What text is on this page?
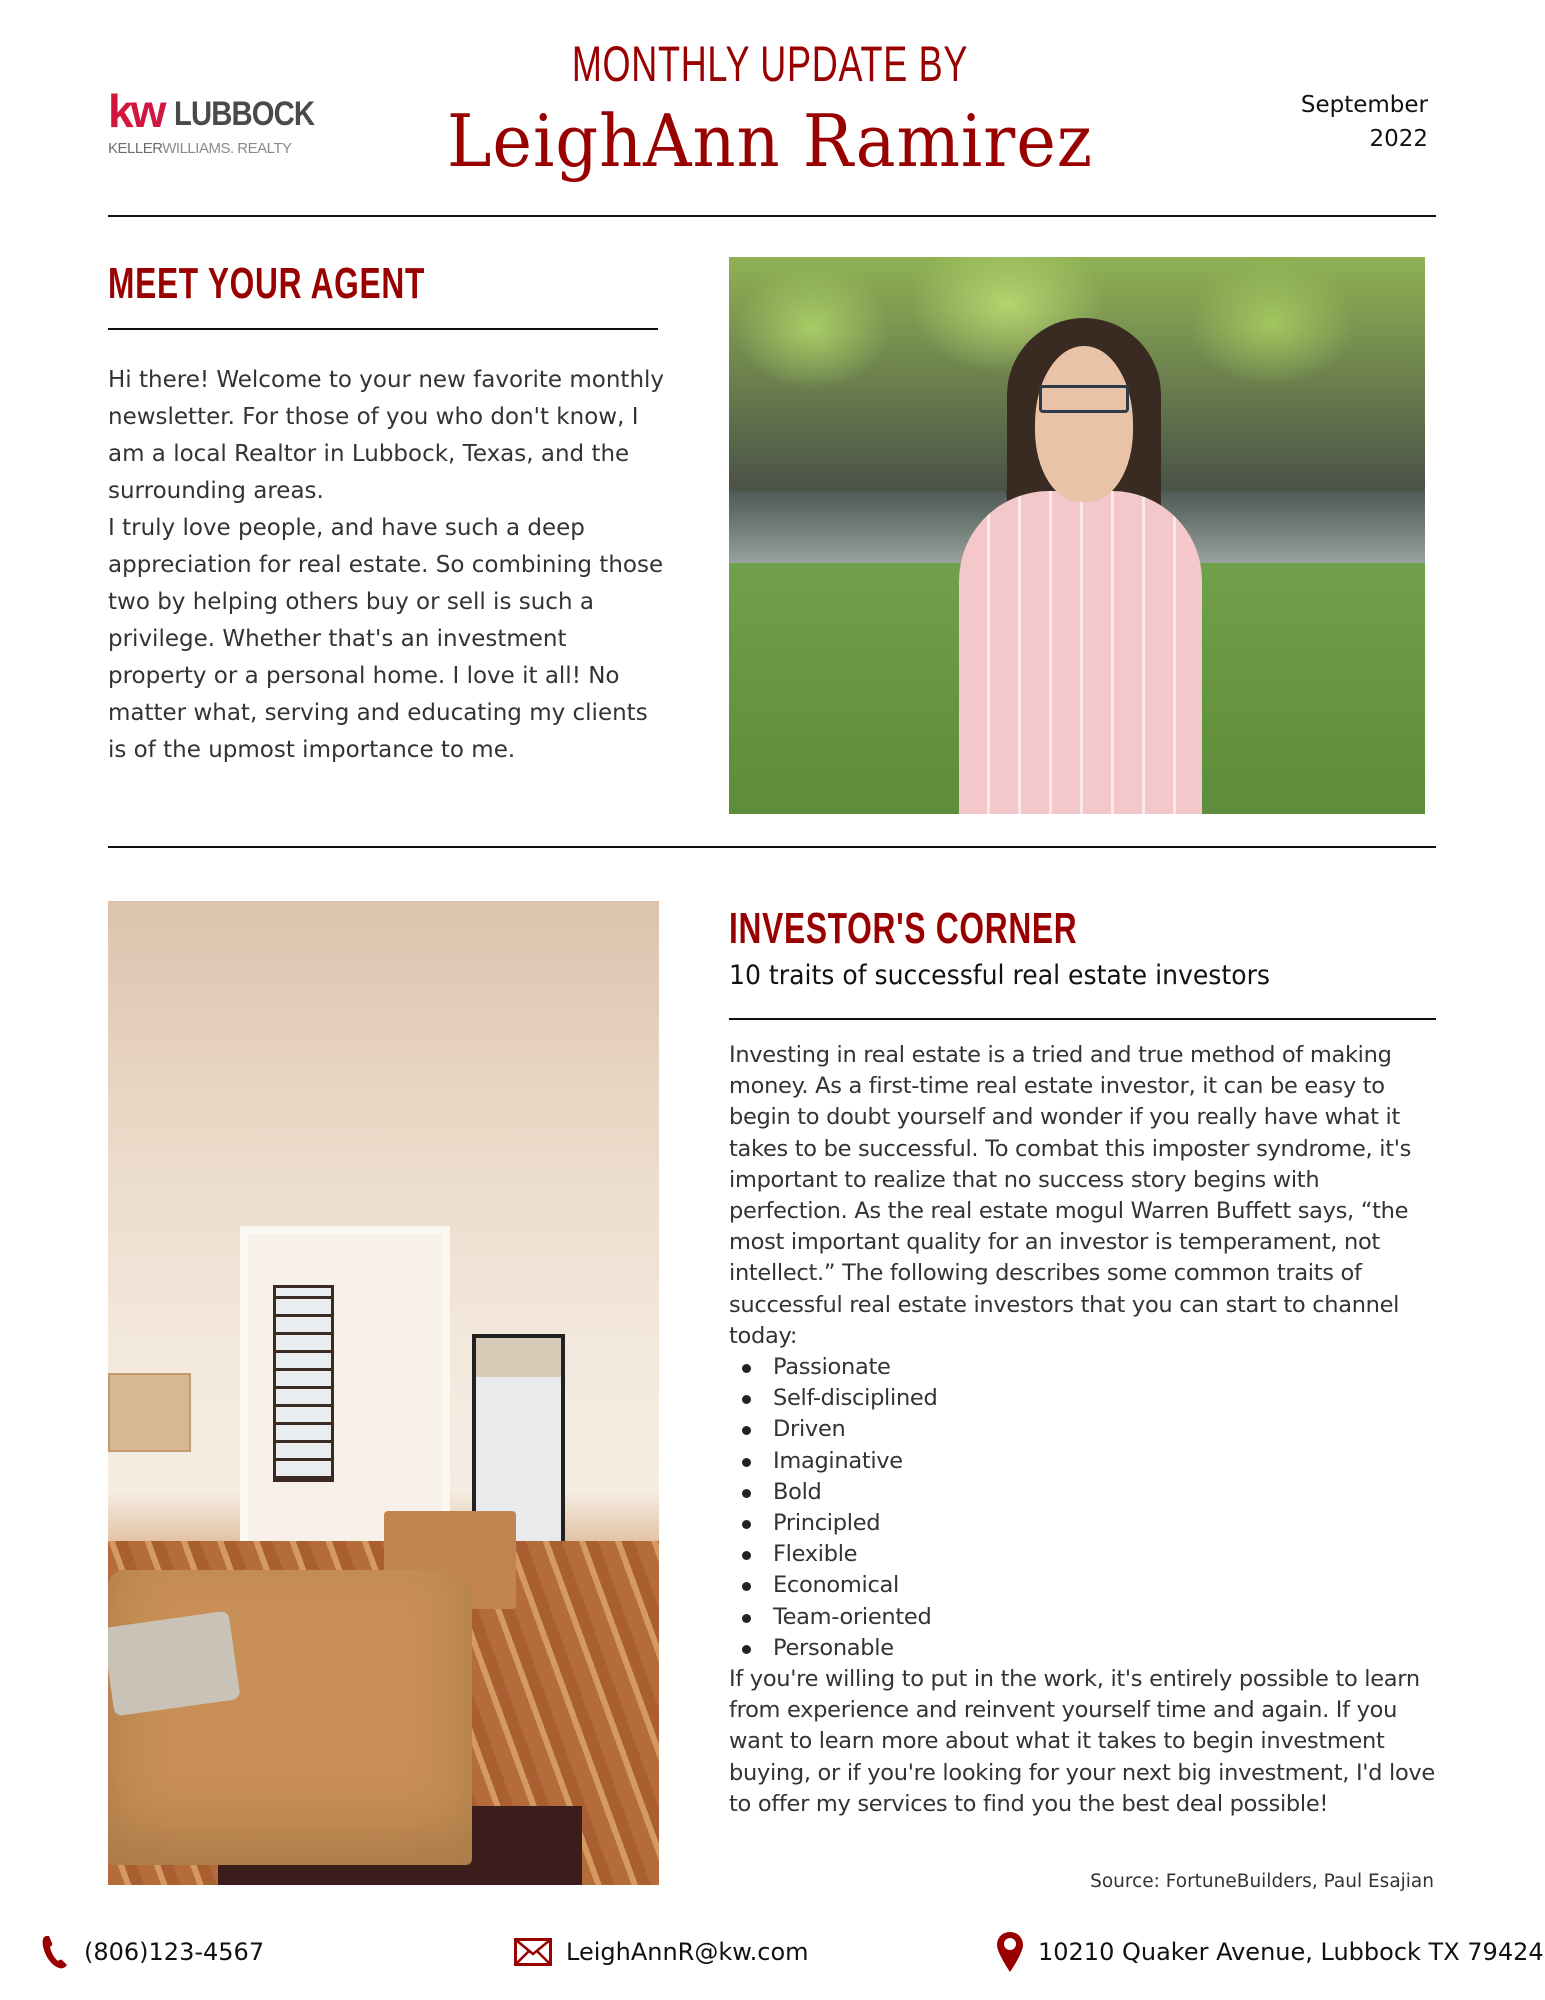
kw LUBBOCK
KELLERWILLIAMS. REALTY
MONTHLY UPDATE BY
LeighAnn Ramirez	September
2022
MEET YOUR AGENT

Hi there! Welcome to your new favorite monthly newsletter. For those of you who don't know, I am a local Realtor in Lubbock, Texas, and the surrounding areas.

I truly love people, and have such a deep appreciation for real estate. So combining those two by helping others buy or sell is such a privilege. Whether that's an investment property or a personal home. I love it all! No matter what, serving and educating my clients is of the upmost importance to me.

INVESTOR'S CORNER
10 traits of successful real estate investors

Investing in real estate is a tried and true method of making money. As a first-time real estate investor, it can be easy to begin to doubt yourself and wonder if you really have what it takes to be successful. To combat this imposter syndrome, it's important to realize that no success story begins with perfection. As the real estate mogul Warren Buffett says, “the most important quality for an investor is temperament, not intellect.” The following describes some common traits of successful real estate investors that you can start to channel today:

Passionate
Self-disciplined
Driven
Imaginative
Bold
Principled
Flexible
Economical
Team-oriented
Personable

If you're willing to put in the work, it's entirely possible to learn from experience and reinvent yourself time and again. If you want to learn more about what it takes to begin investment buying, or if you're looking for your next big investment, I'd love to offer my services to find you the best deal possible!

Source: FortuneBuilders, Paul Esajian
(806)123-4567	LeighAnnR@kw.com	10210 Quaker Avenue, Lubbock TX 79424
